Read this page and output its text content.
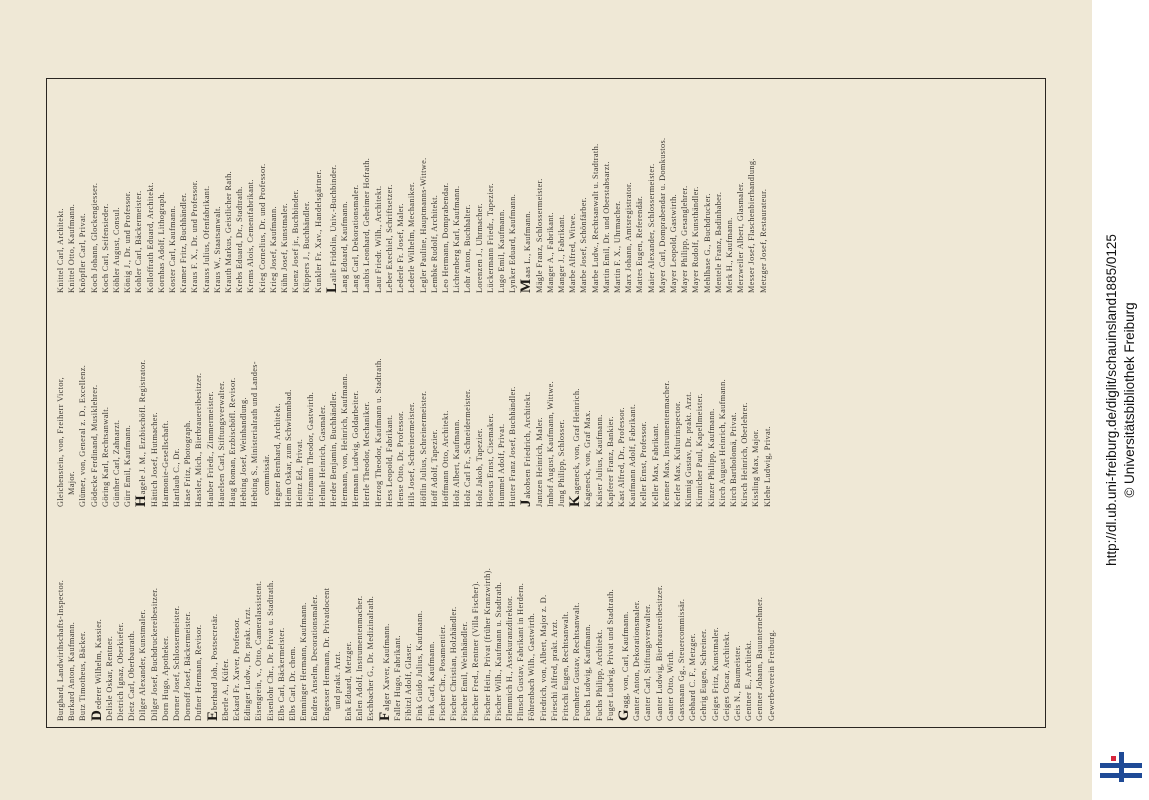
Burghard, Landwirthschafts-Inspector. Burkard Anton, Kaufmann. Butz Timotheus, Bäcker. Dederer Wilhelm, Kassier. Delisle Oskar, Rentner. Dietrich Ignaz, Oberkiefer. Dietz Carl, Oberbaurath. Dilger Alexander, Kunstmaler. Dilger Josef, Buchdruckereibesitzer. Dorn Hugo, Apotheker. Dorner Josef, Schlossermeister. Dornoff Josef, Bäckermeister. Dufner Hermann, Revisor. Eberhard Joh., Postsecretär. Eberle A., Küfer. Eckard Fr. Xaver, Professor. Edinger Ludw., Dr. prakt. Arzt. Eisengrein, v., Otto, Cameralassistent. Eisenlohr Chr., Dr. Privat u. Stadtrath. Elbs Carl, Bäckermeister. Elbs Carl, Dr. chem. Emminger Hermann, Kaufmann. Endres Anselm, Decorationsmaler. Engesser Hermann, Dr. Privatdocent und prakt. Arzt. Enk Eduard, Metzger. Enlen Adolf, Instrumentenmacher. Eschbacher G., Dr. Medizinalrath. Falger Xaver, Kaufmann. Faller Hugo, Fabrikant. Fibitzl Adolf, Glaser. Fink Guido Julius, Kaufmann. Fink Carl, Kaufmann. Fischer Chr., Posamentier. Fischer Christian, Holzhändler. Fischer Emil, Weinhändler. Fischer Fred., Rentner (Villa Fischer). Fischer Hein., Privat (früher Kranzwirth). Fischer Wilh., Kaufmann u. Stadtrath. Flemmich H., Assekuranzdirektor. Flinsch Gustav, Fabrikant in Herdern. Föhrenbach Wilh., Gastwirth. Friedrich, von, Albert, Major z. D. Frieschi Alfred, prakt. Arzt. Fritschi Eugen, Rechtsanwalt. Fromherz Gustav, Rechtsanwalt. Fuchs Ludwig, Kaufmann. Fuchs Philipp, Architekt. Fuger Ludwig, Privat und Stadtrath. Gagg, von, Carl, Kaufmann. Ganter Anton, Dekorationsmaler. Ganter Carl, Stiftungsverwalter. Ganter Ludwig, Bierbrauereibesitzer. Ganter Otto, Wirth. Gassmann Gg., Steuercommissär. Gebhard C. F., Metzger. Gehrig Eugen, Schreiner. Geiges Fritz, Kunstmaler. Geiges Oscar, Architekt. Geis N., Baumeister. Gentner E., Architekt. Gentner Johann, Bauunternehmer. Gewerbeverein Freiburg.
Gleichenstein, von, Freiherr Victor, Major. Glümer, von, General z. D., Excellenz. Gödecke Ferdinand, Musiklehrer. Göring Karl, Rechtsanwalt. Günther Carl, Zahnarzt. Gürr Emil, Kaufmann. Hagele J. M., Erzbischöfl. Registrator. Hättich Josef, Hutmacher. Harmonie-Gesellschaft. Hartlaub C., Dr. Hase Fritz, Photograph. Hassler, Mich., Bierbrauereibesitzer. Hauber Friedr., Zimmermeister. Hauelsen Carl, Stiftungsverwalter. Haug Roman, Erzbischöfl. Revisor. Hebting Josef, Weinhandlung. Hebting S., Ministerialrath und Landes- commissär. Hegner Bernhard, Architekt. Heim Oskar, zum Schwimmbad. Heintz Ed., Privat. Heitzmann Theodor, Gastwirth. Helmle Heinrich, Gasmaler. Herder Benjamin, Buchhändler. Hermann, von, Heinrich, Kaufmann. Hermann Ludwig, Goldarbeiter. Herrle Theodor, Mechaniker. Herzog Theodor, Kaufmann u. Stadtrath. Hess Leopold, Fabrikant. Hense Otto, Dr. Professor. Hils Josef, Schreinermeister. Höflin Julius, Schreinermeister. Hoff Adolf, Tapezier. Hoffmann Otto, Architekt. Holz Albert, Kaufmann. Holz Carl Fr., Schneidermeister. Holz Jakob, Tapezier. Hoseus Ernst, Cisemaker. Hummel Adolf, Privat. Hutter Franz Josef, Buchhändler. Jakobsen Friedrich, Architekt. Jantzen Heinrich, Maler. Imhof August, Kaufmann, Wittwe. Jung Philipp, Schlosser. Kageneck, von, Graf Heinrich. Kageneck, von, Graf Max. Kaiser Julius, Kaufmann. Kapferer Franz, Bankier. Kast Alfred, Dr., Professor. Kaufmann Adolf, Fabrikant. Keller Ernst, Professor. Keller Max, Fabrikant. Kenner Max, Instrumentenmacher. Kerler Max, Kulturinspector. Kinmig Gustav, Dr. prakt. Arzt. Kirmicher Paul, Kapellmeister. Kinzer Philipp, Kaufmann. Kirch August Heinrich, Kaufmann. Kirch Bartholomä, Privat. Kirsch Heinrich, Oberlehrer. Kissling Max, Major. Klehe Ludwig, Privat.
Knittel Carl, Architekt. Knittel Otto, Kaufmann. Knöpfler Carl, Privat. Koch Johann, Glockengiesser. Koch Carl, Seifensieder. Köhler August, Consul. König J., Dr. und Professor. Kohler Carl, Bäckermeister. Kolloffrath Eduard, Architekt. Kornhas Adolf, Lithograph. Koster Carl, Kaufmann. Kramer Fritz, Buchhändler. Kraus F. X., Dr. und Professor. Krauss Julius, Ofenfabrikant. Kraus W., Staatsanwalt. Krauth Markus, Geistlicher Rath. Krebs Eduard, Dr., Stadtrath. Krems Alois, Cementfabrikant. Krieg Cornelius, Dr. und Professor. Krieg Josef, Kaufmann. Kühn Josef, Kunstmaler. Kuenz Josef jr., Buchbinder. Küppers J., Buchhändler. Kunkler Fr. Xav., Handelsgärtner. Laile Fridolin, Univ.-Buchbinder. Lang Eduard, Kaufmann. Lang Carl, Dekorationsmaler. Laubis Leonhard, Geheimer Hofrath. Laur Friedr. Wilh., Architekt. Leber Exechiel, Schriftsetzer. Lederle Fr. Josef, Maler. Lederle Wilhelm, Mechaniker. Legler Pauline, Hauptmanns-Wittwe. Lembke Rudolf, Architekt. Leo Hermann, Domprabendar. Lichtenberg Karl, Kaufmann. Lohr Anton, Buchhalter. Lorenzen J., Uhrmacher. Lückermann Friedr., Tapezier. Lugo Emil, Kaufmann. Lynker Eduard, Kaufmann. Maas L., Kaufmann. Mägle Franz, Schlossermeister. Manger A., Fabrikant. Manger J., Fabrikant. Marbe Alfred, Witwe. Marbe Josef, Schönfärber. Marbe Ludw., Rechtsanwalt u. Stadtrath. Martin Emil, Dr. und Oberstabsarzt. Martin F. X., Uhrmacher. Marx Johann, Amtsregistrator. Mattes Eugen, Referendär. Maier Alexander, Schlossermeister. Mayer Carl, Domprabendar u. Domkustos. Mayer Leopold, Gastwirth. Mayer Philipp, Gesanglehrer. Mayer Rudolf, Kunsthändler. Mehlhase G., Buchdrucker. Mentele Franz, Badinhaber. Merk H., Kaufmann. Merzweiler Albert, Glasmaler. Messer Josef, Flaschenbierhandlung. Metzger Josef, Restaurateur.	http://dl.ub.uni-freiburg.de/diglit/schauinsland1885/0125 © Universitätsbibliothek Freiburg
